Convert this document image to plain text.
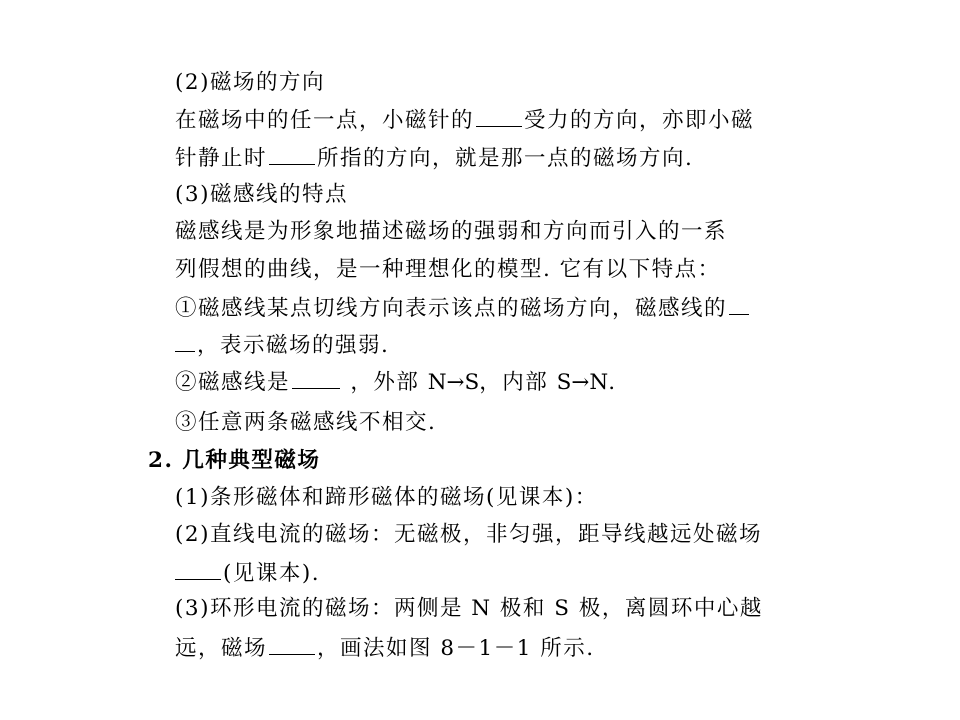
(2)磁场的方向
在磁场中的任一点，小磁针的 受力的方向，亦即小磁
针静止时 所指的方向，就是那一点的磁场方向.
(3)磁感线的特点
磁感线是为形象地描述磁场的强弱和方向而引入的一系
列假想的曲线，是一种理想化的模型. 它有以下特点：
①磁感线某点切线方向表示该点的磁场方向，磁感线的
，表示磁场的强弱.
②磁感线是	，外部 N→S，内部 S→N.
③任意两条磁感线不相交.
2. 几种典型磁场
(1)条形磁体和蹄形磁体的磁场(见课本)：
(2)直线电流的磁场：无磁极，非匀强，距导线越远处磁场
(见课本).
(3)环形电流的磁场：两侧是 N 极和 S 极，离圆环中心越
远，磁场 ，画法如图 8－1－1 所示.
